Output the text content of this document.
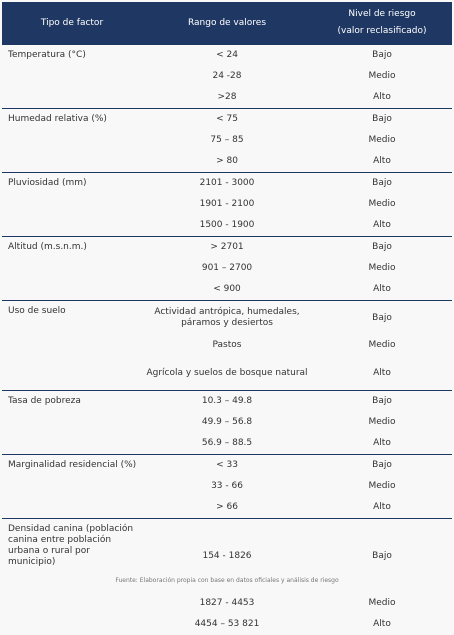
Tipo de factor	Rango de valores	Nivel de riesgo
(valor reclasificado)

Temperatura (°C)	< 24	Bajo
	24 -28	Medio
	>28	Alto
Humedad relativa (%)	< 75	Bajo
	75 – 85	Medio
	> 80	Alto
Pluviosidad (mm)	2101 - 3000	Bajo
	1901 - 2100	Medio
	1500 - 1900	Alto
Altitud (m.s.n.m.)	> 2701	Bajo
	901 – 2700	Medio
	< 900	Alto
Uso de suelo	Actividad antrópica, humedales, páramos y desiertos	Bajo
	Pastos	Medio
	Agrícola y suelos de bosque natural	Alto
Tasa de pobreza	10.3 – 49.8	Bajo
	49.9 – 56.8	Medio
	56.9 – 88.5	Alto
Marginalidad residencial (%)	< 33	Bajo
	33 - 66	Medio
	> 66	Alto
Densidad canina (población canina entre población urbana o rural por municipio)	154 - 1826	Bajo
	1827 - 4453	Medio
	4454 – 53 821	Alto
Fuente: Elaboración propia con base en datos oficiales y análisis de riesgo
